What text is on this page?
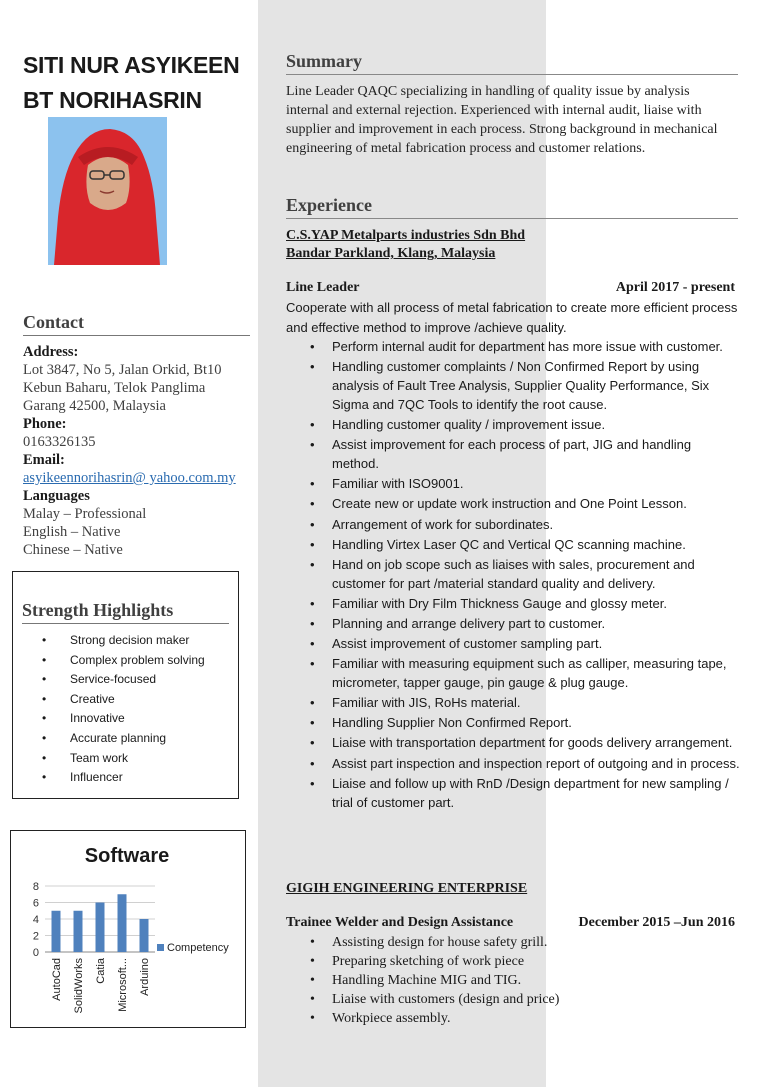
SITI NUR ASYIKEEN
BT NORIHASRIN
Contact
Address:
Lot 3847, No 5, Jalan Orkid, Bt10
Kebun Baharu, Telok Panglima
Garang 42500, Malaysia
Phone:
0163326135
Email:
asyikeennorihasrin@ yahoo.com.my
Languages
Malay – Professional
English – Native
Chinese – Native
Strength Highlights
• Strong decision maker
• Complex problem solving
• Service-focused
• Creative
• Innovative
• Accurate planning
• Team work
• Influencer
Software
0
2
4
6
8
AutoCad SolidWorks Catia Microsoft... Arduino
Competency
Summary
Line Leader QAQC specializing in handling of quality issue by analysis internal and external rejection. Experienced with internal audit, liaise with supplier and improvement in each process. Strong background in mechanical engineering of metal fabrication process and customer relations.
Experience
C.S.YAP Metalparts industries Sdn Bhd
Bandar Parkland, Klang, Malaysia
Line Leader	April 2017 - present
Cooperate with all process of metal fabrication to create more efficient process and effective method to improve /achieve quality.
• Perform internal audit for department has more issue with customer.
• Handling customer complaints / Non Confirmed Report by using analysis of Fault Tree Analysis, Supplier Quality Performance, Six Sigma and 7QC Tools to identify the root cause.
• Handling customer quality / improvement issue.
• Assist improvement for each process of part, JIG and handling method.
• Familiar with ISO9001.
• Create new or update work instruction and One Point Lesson.
• Arrangement of work for subordinates.
• Handling Virtex Laser QC and Vertical QC scanning machine.
• Hand on job scope such as liaises with sales, procurement and customer for part /material standard quality and delivery.
• Familiar with Dry Film Thickness Gauge and glossy meter.
• Planning and arrange delivery part to customer.
• Assist improvement of customer sampling part.
• Familiar with measuring equipment such as calliper, measuring tape, micrometer, tapper gauge, pin gauge & plug gauge.
• Familiar with JIS, RoHs material.
• Handling Supplier Non Confirmed Report.
• Liaise with transportation department for goods delivery arrangement.
• Assist part inspection and inspection report of outgoing and in process.
• Liaise and follow up with RnD /Design department for new sampling / trial of customer part.
GIGIH ENGINEERING ENTERPRISE
Trainee Welder and Design Assistance	December 2015 –Jun 2016
• Assisting design for house safety grill.
• Preparing sketching of work piece
• Handling Machine MIG and TIG.
• Liaise with customers (design and price)
• Workpiece assembly.
